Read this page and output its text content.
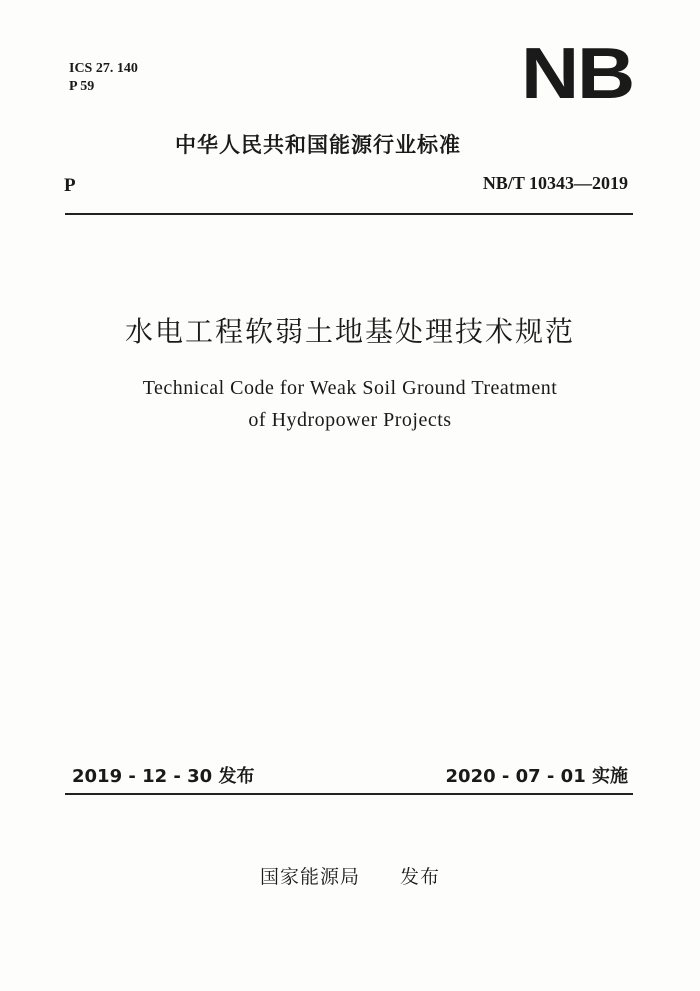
ICS 27. 140
P 59	NB
中华人民共和国能源行业标准
P	NB/T 10343—2019
水电工程软弱土地基处理技术规范
Technical Code for Weak Soil Ground Treatment
of Hydropower Projects
2019 - 12 - 30 发布	2020 - 07 - 01 实施
国家能源局 发布
